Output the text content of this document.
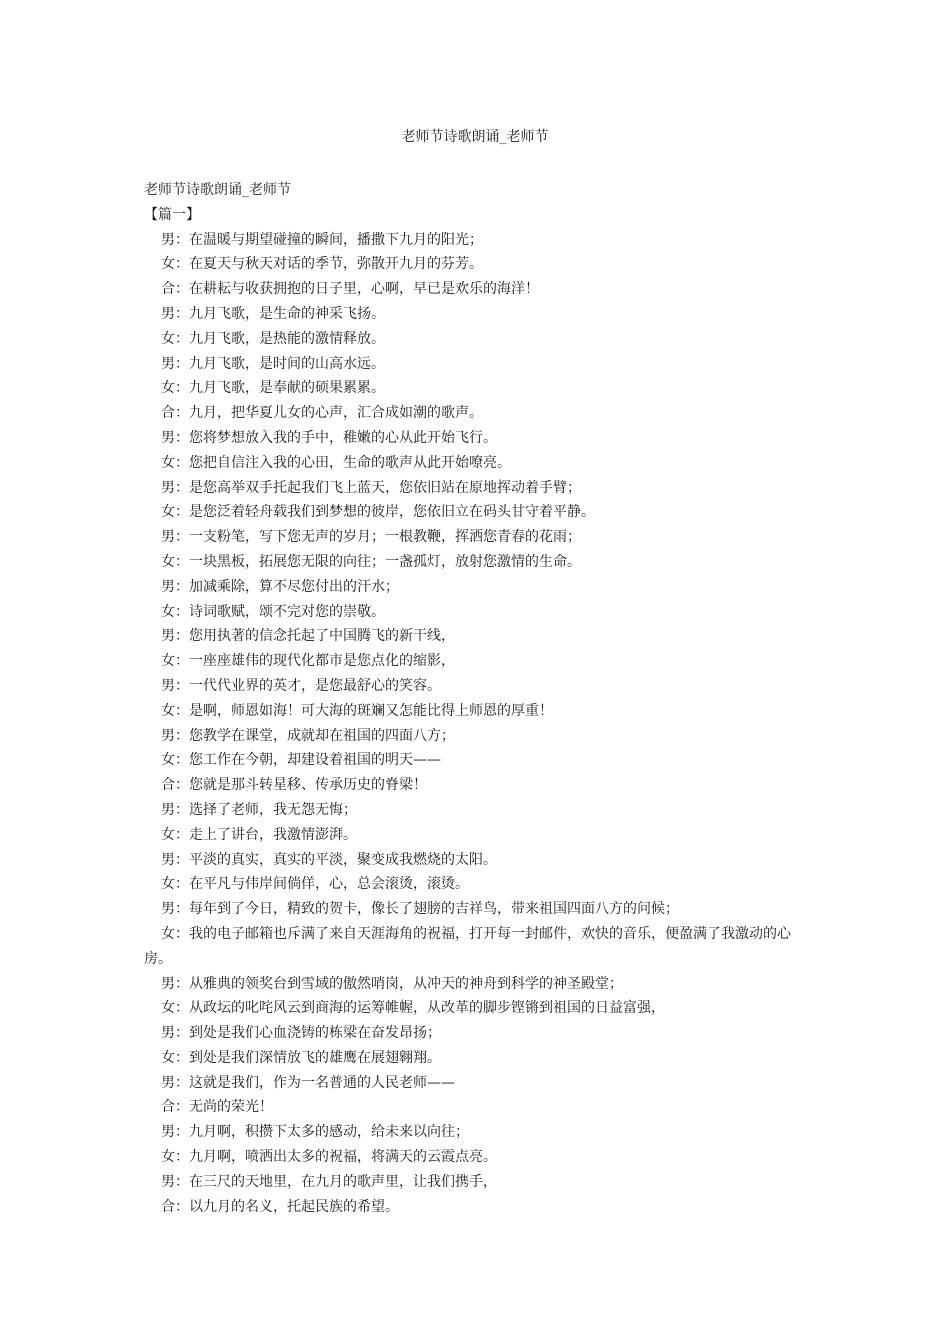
老师节诗歌朗诵_老师节

老师节诗歌朗诵_老师节

【篇一】

男：在温暖与期望碰撞的瞬间，播撒下九月的阳光；

女：在夏天与秋天对话的季节，弥散开九月的芬芳。

合：在耕耘与收获拥抱的日子里，心啊，早已是欢乐的海洋！

男：九月飞歌，是生命的神采飞扬。

女：九月飞歌，是热能的激情释放。

男：九月飞歌，是时间的山高水远。

女：九月飞歌，是奉献的硕果累累。

合：九月，把华夏儿女的心声，汇合成如潮的歌声。

男：您将梦想放入我的手中，稚嫩的心从此开始飞行。

女：您把自信注入我的心田，生命的歌声从此开始嘹亮。

男：是您高举双手托起我们飞上蓝天，您依旧站在原地挥动着手臂；

女：是您泛着轻舟载我们到梦想的彼岸，您依旧立在码头甘守着平静。

男：一支粉笔，写下您无声的岁月；一根教鞭，挥洒您青春的花雨；

女：一块黑板，拓展您无限的向往；一盏孤灯，放射您激情的生命。

男：加减乘除，算不尽您付出的汗水；

女：诗词歌赋，颂不完对您的崇敬。

男：您用执著的信念托起了中国腾飞的新干线，

女：一座座雄伟的现代化都市是您点化的缩影，

男：一代代业界的英才，是您最舒心的笑容。

女：是啊，师恩如海！可大海的斑斓又怎能比得上师恩的厚重！

男：您教学在课堂，成就却在祖国的四面八方；

女：您工作在今朝，却建设着祖国的明天——

合：您就是那斗转星移、传承历史的脊梁！

男：选择了老师，我无怨无悔；

女：走上了讲台，我激情澎湃。

男：平淡的真实，真实的平淡，聚变成我燃烧的太阳。

女：在平凡与伟岸间倘佯，心，总会滚烫，滚烫。

男：每年到了今日，精致的贺卡，像长了翅膀的吉祥鸟，带来祖国四面八方的问候；

女：我的电子邮箱也斥满了来自天涯海角的祝福，打开每一封邮件，欢快的音乐，便盈满了我激动的心房。

男：从雅典的领奖台到雪域的傲然哨岗，从冲天的神舟到科学的神圣殿堂；

女：从政坛的叱咤风云到商海的运筹帷幄，从改革的脚步铿锵到祖国的日益富强，

男：到处是我们心血浇铸的栋梁在奋发昂扬；

女：到处是我们深情放飞的雄鹰在展翅翱翔。

男：这就是我们，作为一名普通的人民老师——

合：无尚的荣光！

男：九月啊，积攒下太多的感动，给未来以向往；

女：九月啊，喷洒出太多的祝福，将满天的云霞点亮。

男：在三尺的天地里，在九月的歌声里，让我们携手，

合：以九月的名义，托起民族的希望。
